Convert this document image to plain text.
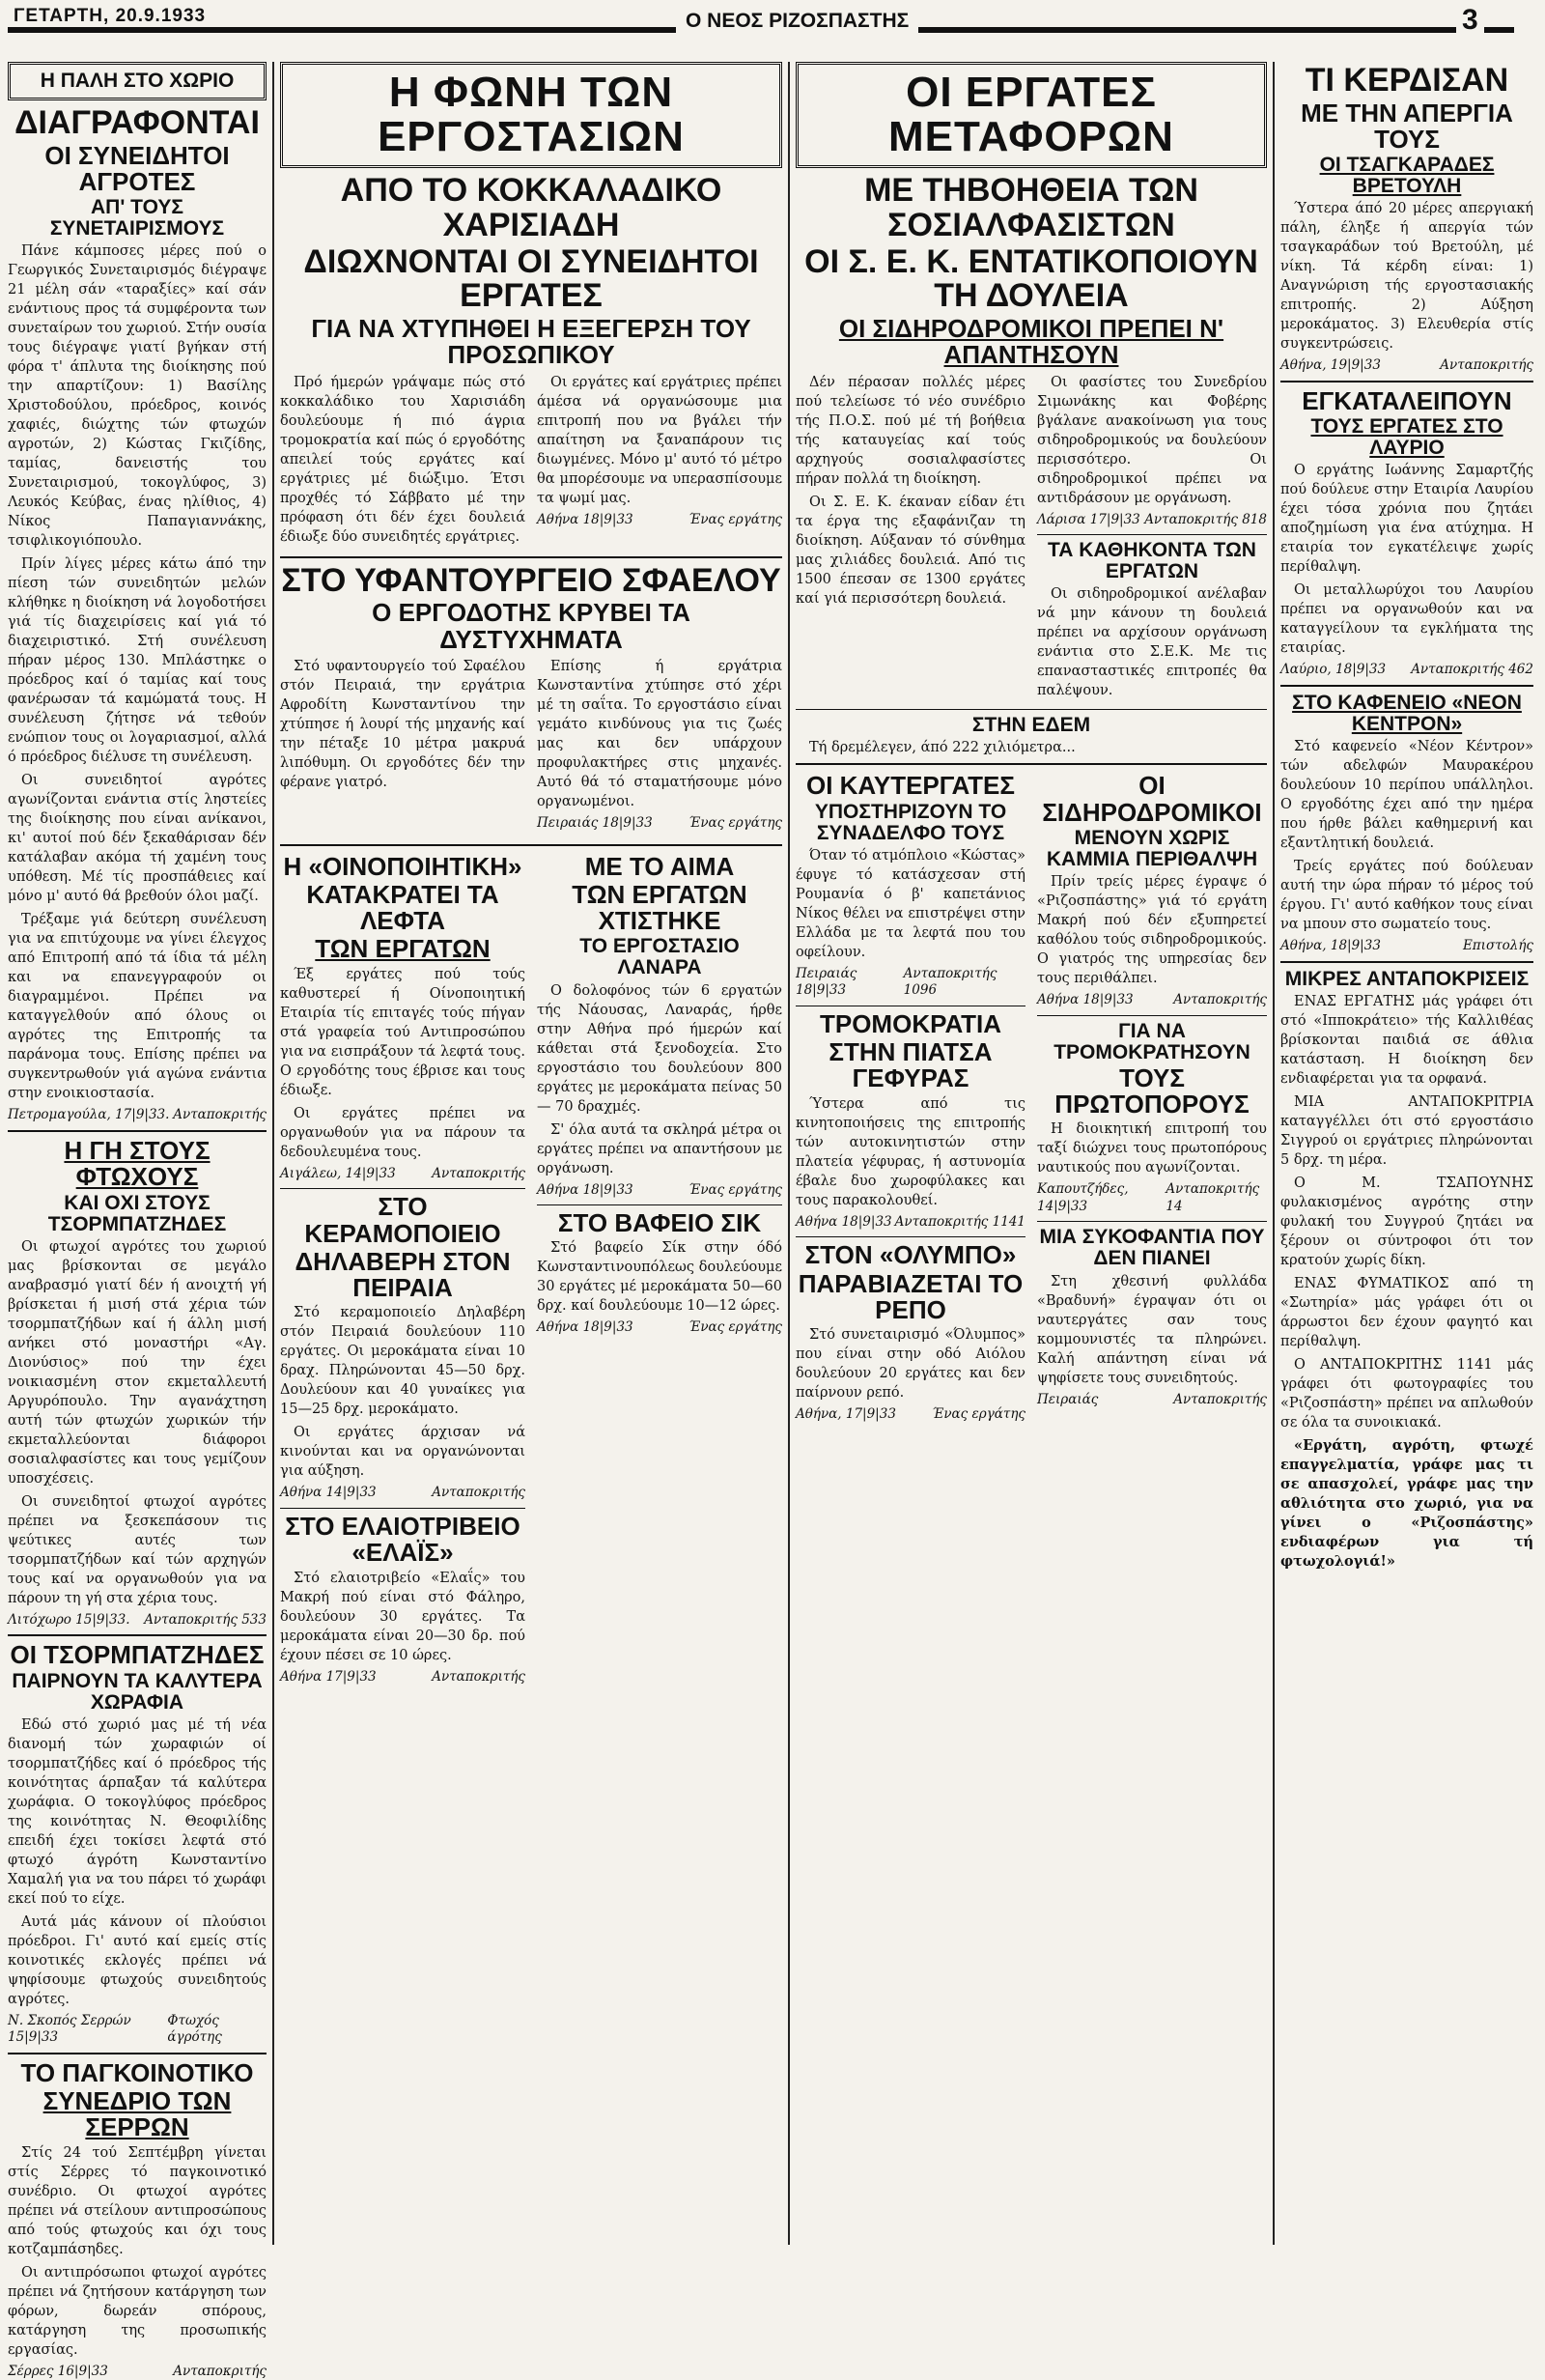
ΓΕΤΑΡΤΗ, 20.9.1933	Ο ΝΕΟΣ ΡΙΖΟΣΠΑΣΤΗΣ	3
Η ΠΑΛΗ ΣΤΟ ΧΩΡΙΟ
ΔΙΑΓΡΑΦΟΝΤΑΙ
ΟΙ ΣΥΝΕΙΔΗΤΟΙ ΑΓΡΟΤΕΣ
ΑΠ' ΤΟΥΣ ΣΥΝΕΤΑΙΡΙΣΜΟΥΣ

Πάνε κάμποσες μέρες πού ο Γεωργικός Συνεταιρισμός διέγραψε 21 μέλη σάν «ταραξίες» καί σάν ενάντιους προς τά συμφέροντα των συνεταίρων του χωριού. Στήν ουσία τους διέγραψε γιατί βγήκαν στή φόρα τ' άπλυτα της διοίκησης πού την απαρτίζουν: 1) Βασίλης Χριστοδούλου, πρόεδρος, κοινός χαφιές, διώχτης τών φτωχών αγροτών, 2) Κώστας Γκιζίδης, ταμίας, δανειστής του Συνεταιρισμού, τοκογλύφος, 3) Λευκός Κεύβας, ένας ηλίθιος, 4) Νίκος Παπαγιαννάκης, τσιφλικογιόπουλο.

Πρίν λίγες μέρες κάτω άπό την πίεση τών συνειδητών μελών κλήθηκε η διοίκηση νά λογοδοτήσει γιά τίς διαχειρίσεις καί γιά τό διαχειριστικό. Στή συνέλευση πήραν μέρος 130. Μπλάστηκε ο πρόεδρος καί ό ταμίας καί τους φανέρωσαν τά καμώματά τους. Η συνέλευση ζήτησε νά τεθούν ενώπιον τους οι λογαριασμοί, αλλά ό πρόεδρος διέλυσε τη συνέλευση.

Οι συνειδητοί αγρότες αγωνίζονται ενάντια στίς ληστείες της διοίκησης που είναι ανίκανοι, κι' αυτοί πού δέν ξεκαθάρισαν δέν κατάλαβαν ακόμα τή χαμένη τους υπόθεση. Μέ τίς προσπάθειες καί μόνο μ' αυτό θά βρεθούν όλοι μαζί.

Τρέξαμε γιά δεύτερη συνέλευση για να επιτύχουμε να γίνει έλεγχος από Επιτροπή από τά ίδια τά μέλη και να επανεγγραφούν οι διαγραμμένοι. Πρέπει να καταγγελθούν από όλους οι αγρότες της Επιτροπής τα παράνομα τους. Επίσης πρέπει να συγκεντρωθούν γιά αγώνα ενάντια στην ενοικιοστασία.

Πετρομαγούλα, 17|9|33. Ανταποκριτής
Η ΓΗ ΣΤΟΥΣ ΦΤΩΧΟΥΣ
ΚΑΙ ΟΧΙ ΣΤΟΥΣ ΤΣΟΡΜΠΑΤΖΗΔΕΣ

Οι φτωχοί αγρότες του χωριού μας βρίσκονται σε μεγάλο αναβρασμό γιατί δέν ή ανοιχτή γή βρίσκεται ή μισή στά χέρια τών τσορμπατζήδων καί ή άλλη μισή ανήκει στό μοναστήρι «Αγ. Διονύσιος» πού την έχει νοικιασμένη στον εκμεταλλευτή Αργυρόπουλο. Την αγανάχτηση αυτή τών φτωχών χωρικών τήν εκμεταλλεύονται διάφοροι σοσιαλφασίστες και τους γεμίζουν υποσχέσεις.

Οι συνειδητοί φτωχοί αγρότες πρέπει να ξεσκεπάσουν τις ψεύτικες αυτές των τσορμπατζήδων καί τών αρχηγών τους καί να οργανωθούν για να πάρουν τη γή στα χέρια τους.

Λιτόχωρο 15|9|33. Ανταποκριτής 533
ΟΙ ΤΣΟΡΜΠΑΤΖΗΔΕΣ
ΠΑΙΡΝΟΥΝ ΤΑ ΚΑΛΥΤΕΡΑ ΧΩΡΑΦΙΑ

Εδώ στό χωριό μας μέ τή νέα διανομή τών χωραφιών οί τσορμπατζήδες καί ό πρόεδρος τής κοινότητας άρπαξαν τά καλύτερα χωράφια. Ο τοκογλύφος πρόεδρος της κοινότητας Ν. Θεοφιλίδης επειδή έχει τοκίσει λεφτά στό φτωχό άγρότη Κωνσταντίνο Χαμαλή για να του πάρει τό χωράφι εκεί πού το είχε.

Αυτά μάς κάνουν οί πλούσιοι πρόεδροι. Γι' αυτό καί εμείς στίς κοινοτικές εκλογές πρέπει νά ψηφίσουμε φτωχούς συνειδητούς αγρότες.

Ν. Σκοπός Σερρών 15|9|33
Φτωχός άγρότης
ΤΟ ΠΑΓΚΟΙΝΟΤΙΚΟ
ΣΥΝΕΔΡΙΟ ΤΩΝ ΣΕΡΡΩΝ

Στίς 24 τού Σεπτέμβρη γίνεται στίς Σέρρες τό παγκοινοτικό συνέδριο. Οι φτωχοί αγρότες πρέπει νά στείλουν αντιπροσώπους από τούς φτωχούς και όχι τους κοτζαμπάσηδες.

Οι αντιπρόσωποι φτωχοί αγρότες πρέπει νά ζητήσουν κατάργηση των φόρων, δωρεάν σπόρους, κατάργηση της προσωπικής εργασίας.

Σέρρες 16|9|33	Ανταποκριτής
Η ΦΩΝΗ ΤΩΝ ΕΡΓΟΣΤΑΣΙΩΝ
ΑΠΟ ΤΟ ΚΟΚΚΑΛΑΔΙΚΟ ΧΑΡΙΣΙΑΔΗ
ΔΙΩΧΝΟΝΤΑΙ ΟΙ ΣΥΝΕΙΔΗΤΟΙ ΕΡΓΑΤΕΣ
ΓΙΑ ΝΑ ΧΤΥΠΗΘΕΙ Η ΕΞΕΓΕΡΣΗ ΤΟΥ ΠΡΟΣΩΠΙΚΟΥ

Πρό ήμερών γράψαμε πώς στό κοκκαλάδικο του Χαρισιάδη δουλεύουμε ή πιό άγρια τρομοκρατία καί πώς ό εργοδότης απειλεί τούς εργάτες καί εργάτριες μέ διώξιμο. Έτσι προχθές τό Σάββατο μέ την πρόφαση ότι δέν έχει δουλειά έδιωξε δύο συνειδητές εργάτριες.

Οι εργάτες καί εργάτριες πρέπει άμέσα νά οργανώσουμε μια επιτροπή που να βγάλει τήν απαίτηση να ξαναπάρουν τις διωγμένες. Μόνο μ' αυτό τό μέτρο θα μπορέσουμε να υπερασπίσουμε τα ψωμί μας.

Αθήνα 18|9|33	Ένας εργάτης
ΣΤΟ ΥΦΑΝΤΟΥΡΓΕΙΟ ΣΦΑΕΛΟΥ
Ο ΕΡΓΟΔΟΤΗΣ ΚΡΥΒΕΙ ΤΑ ΔΥΣΤΥΧΗΜΑΤΑ

Στό υφαντουργείο τού Σφαέλου στόν Πειραιά, την εργάτρια Αφροδίτη Κωνσταντίνου την χτύπησε ή λουρί τής μηχανής καί την πέταξε 10 μέτρα μακρυά λιπόθυμη. Οι εργοδότες δέν την φέρανε γιατρό.

Επίσης ή εργάτρια Κωνσταντίνα χτύπησε στό χέρι μέ τη σαΐτα. Το εργοστάσιο είναι γεμάτο κινδύνους για τις ζωές μας και δεν υπάρχουν προφυλακτήρες στις μηχανές. Αυτό θά τό σταματήσουμε μόνο οργανωμένοι.

Πειραιάς 18|9|33	Ένας εργάτης
Η «ΟΙΝΟΠΟΙΗΤΙΚΗ»
ΚΑΤΑΚΡΑΤΕΙ ΤΑ ΛΕΦΤΑ
ΤΩΝ ΕΡΓΑΤΩΝ

Έξ εργάτες πού τούς καθυστερεί ή Οίνοποιητική Εταιρία τίς επιταγές τούς πήγαν στά γραφεία τού Αντιπροσώπου για να εισπράξουν τά λεφτά τους. Ο εργοδότης τους έβρισε και τους έδιωξε.

Οι εργάτες πρέπει να οργανωθούν για να πάρουν τα δεδουλευμένα τους.

Αιγάλεω, 14|9|33	Ανταποκριτής
ΣΤΟ ΚΕΡΑΜΟΠΟΙΕΙΟ
ΔΗΛΑΒΕΡΗ ΣΤΟΝ ΠΕΙΡΑΙΑ

Στό κεραμοποιείο Δηλαβέρη στόν Πειραιά δουλεύουν 110 εργάτες. Οι μεροκάματα είναι 10 δραχ. Πληρώνονται 45—50 δρχ. Δουλεύουν και 40 γυναίκες για 15—25 δρχ. μεροκάματο.

Οι εργάτες άρχισαν νά κινούνται και να οργανώνονται για αύξηση.

Αθήνα 14|9|33	Ανταποκριτής
ΣΤΟ ΕΛΑΙΟΤΡΙΒΕΙΟ «ΕΛΑΪΣ»

Στό ελαιοτριβείο «Ελαΐς» του Μακρή πού είναι στό Φάληρο, δουλεύουν 30 εργάτες. Τα μεροκάματα είναι 20—30 δρ. πού έχουν πέσει σε 10 ώρες.

Αθήνα 17|9|33	Ανταποκριτής
ΜΕ ΤΟ ΑΙΜΑ
ΤΩΝ ΕΡΓΑΤΩΝ ΧΤΙΣΤΗΚΕ
ΤΟ ΕΡΓΟΣΤΑΣΙΟ ΛΑΝΑΡΑ

Ο δολοφόνος τών 6 εργατών τής Νάουσας, Λαναράς, ήρθε στην Αθήνα πρό ήμερών καί κάθεται στά ξενοδοχεία. Στο εργοστάσιο του δουλεύουν 800 εργάτες με μεροκάματα πείνας 50 — 70 δραχμές.

Σ' όλα αυτά τα σκληρά μέτρα οι εργάτες πρέπει να απαντήσουν με οργάνωση.

Αθήνα 18|9|33	Ένας εργάτης
ΣΤΟ ΒΑΦΕΙΟ ΣΙΚ

Στό βαφείο Σίκ στην όδό Κωνσταντινουπόλεως δουλεύουμε 30 εργάτες μέ μεροκάματα 50—60 δρχ. καί δουλεύουμε 10—12 ώρες.

Αθήνα 18|9|33	Ένας εργάτης
ΟΙ ΕΡΓΑΤΕΣ ΜΕΤΑΦΟΡΩΝ
ΜΕ ΤΗΒΟΗΘΕΙΑ ΤΩΝ ΣΟΣΙΑΛΦΑΣΙΣΤΩΝ
ΟΙ Σ. Ε. Κ. ΕΝΤΑΤΙΚΟΠΟΙΟΥΝ ΤΗ ΔΟΥΛΕΙΑ
ΟΙ ΣΙΔΗΡΟΔΡΟΜΙΚΟΙ ΠΡΕΠΕΙ Ν' ΑΠΑΝΤΗΣΟΥΝ

Δέν πέρασαν πολλές μέρες πού τελείωσε τό νέο συνέδριο τής Π.Ο.Σ. πού μέ τή βοήθεια τής καταυγείας καί τούς αρχηγούς σοσιαλφασίστες πήραν πολλά τη διοίκηση.

Οι Σ. Ε. Κ. έκαναν είδαν έτι τα έργα της εξαφάνιζαν τη διοίκηση. Αύξαναν τό σύνθημα μας χιλιάδες δουλειά. Από τις 1500 έπεσαν σε 1300 εργάτες καί γιά περισσότερη δουλειά.

Οι φασίστες του Συνεδρίου Σιμωνάκης και Φοβέρης βγάλανε ανακοίνωση για τους σιδηροδρομικούς να δουλεύουν περισσότερο. Οι σιδηροδρομικοί πρέπει να αντιδράσουν με οργάνωση.

Λάρισα 17|9|33 Ανταποκριτής 818
ΤΑ ΚΑΘΗΚΟΝΤΑ ΤΩΝ ΕΡΓΑΤΩΝ

Οι σιδηροδρομικοί ανέλαβαν νά μην κάνουν τη δουλειά πρέπει να αρχίσουν οργάνωση ενάντια στο Σ.Ε.Κ. Με τις επανασταστικές επιτροπές θα παλέψουν.

ΣΤΗΝ ΕΔΕΜ

Τή δρεμέλεγεν, άπό 222 χιλιόμετρα...

ΟΙ ΚΑΥΤΕΡΓΑΤΕΣ
ΥΠΟΣΤΗΡΙΖΟΥΝ ΤΟ ΣΥΝΑΔΕΛΦΟ ΤΟΥΣ

Όταν τό ατμόπλοιο «Κώστας» έφυγε τό κατάσχεσαν στή Ρουμανία ό β' καπετάνιος Νίκος θέλει να επιστρέψει στην Ελλάδα με τα λεφτά που του οφείλουν.

Πειραιάς 18|9|33
Ανταποκριτής 1096
ΤΡΟΜΟΚΡΑΤΙΑ
ΣΤΗΝ ΠΙΑΤΣΑ ΓΕΦΥΡΑΣ

Ύστερα από τις κινητοποιήσεις της επιτροπής τών αυτοκινητιστών στην πλατεία γέφυρας, ή αστυνομία έβαλε δυο χωροφύλακες και τους παρακολουθεί.

Αθήνα 18|9|33 Ανταποκριτής 1141
ΣΤΟΝ «ΟΛΥΜΠΟ»
ΠΑΡΑΒΙΑΖΕΤΑΙ ΤΟ ΡΕΠΟ

Στό συνεταιρισμό «Όλυμπος» που είναι στην οδό Αιόλου δουλεύουν 20 εργάτες και δεν παίρνουν ρεπό.

Αθήνα, 17|9|33	Ένας εργάτης
ΟΙ ΣΙΔΗΡΟΔΡΟΜΙΚΟΙ
ΜΕΝΟΥΝ ΧΩΡΙΣ ΚΑΜΜΙΑ ΠΕΡΙΘΑΛΨΗ

Πρίν τρείς μέρες έγραψε ό «Ριζοσπάστης» γιά τό εργάτη Μακρή πού δέν εξυπηρετεί καθόλου τούς σιδηροδρομικούς. Ο γιατρός της υπηρεσίας δεν τους περιθάλπει.

Αθήνα 18|9|33	Ανταποκριτής
ΓΙΑ ΝΑ ΤΡΟΜΟΚΡΑΤΗΣΟΥΝ
ΤΟΥΣ ΠΡΩΤΟΠΟΡΟΥΣ

Η διοικητική επιτροπή του ταξί διώχνει τους πρωτοπόρους ναυτικούς που αγωνίζονται.

Καπουτζήδες, 14|9|33
Ανταποκριτής 14
ΜΙΑ ΣΥΚΟΦΑΝΤΙΑ ΠΟΥ ΔΕΝ ΠΙΑΝΕΙ

Στη χθεσινή φυλλάδα «Βραδυνή» έγραψαν ότι οι ναυτεργάτες σαν τους κομμουνιστές τα πληρώνει. Καλή απάντηση είναι νά ψηφίσετε τους συνειδητούς.

Πειραιάς	Ανταποκριτής
ΤΙ ΚΕΡΔΙΣΑΝ
ΜΕ ΤΗΝ ΑΠΕΡΓΙΑ ΤΟΥΣ
ΟΙ ΤΣΑΓΚΑΡΑΔΕΣ ΒΡΕΤΟΥΛΗ

Ύστερα άπό 20 μέρες απεργιακή πάλη, έληξε ή απεργία τών τσαγκαράδων τού Βρετούλη, μέ νίκη. Τά κέρδη είναι: 1) Αναγνώριση τής εργοστασιακής επιτροπής. 2) Αύξηση μεροκάματος. 3) Ελευθερία στίς συγκεντρώσεις.

Αθήνα, 19|9|33	Ανταποκριτής
ΕΓΚΑΤΑΛΕΙΠΟΥΝ
ΤΟΥΣ ΕΡΓΑΤΕΣ ΣΤΟ ΛΑΥΡΙΟ

Ο εργάτης Ιωάννης Σαμαρτζής πού δούλευε στην Εταιρία Λαυρίου έχει τόσα χρόνια που ζητάει αποζημίωση για ένα ατύχημα. Η εταιρία τον εγκατέλειψε χωρίς περίθαλψη.

Οι μεταλλωρύχοι του Λαυρίου πρέπει να οργανωθούν και να καταγγείλουν τα εγκλήματα της εταιρίας.

Λαύριο, 18|9|33 Ανταποκριτής 462
ΣΤΟ ΚΑΦΕΝΕΙΟ «ΝΕΟΝ ΚΕΝΤΡΟΝ»

Στό καφενείο «Νέον Κέντρον» τών αδελφών Μαυρακέρου δουλεύουν 10 περίπου υπάλληλοι. Ο εργοδότης έχει από την ημέρα που ήρθε βάλει καθημερινή και εξαντλητική δουλειά.

Τρείς εργάτες πού δούλευαν αυτή την ώρα πήραν τό μέρος τού έργου. Γι' αυτό καθήκον τους είναι να μπουν στο σωματείο τους.

Αθήνα, 18|9|33	Επιστολής
ΜΙΚΡΕΣ ΑΝΤΑΠΟΚΡΙΣΕΙΣ

ΕΝΑΣ ΕΡΓΑΤΗΣ μάς γράφει ότι στό «Ιπποκράτειο» τής Καλλιθέας βρίσκονται παιδιά σε άθλια κατάσταση. Η διοίκηση δεν ενδιαφέρεται για τα ορφανά.

ΜΙΑ ΑΝΤΑΠΟΚΡΙΤΡΙΑ καταγγέλλει ότι στό εργοστάσιο Σιγγρού οι εργάτριες πληρώνονται 5 δρχ. τη μέρα.

Ο Μ. ΤΣΑΠΟΥΝΗΣ φυλακισμένος αγρότης στην φυλακή του Συγγρού ζητάει να ξέρουν οι σύντροφοι ότι τον κρατούν χωρίς δίκη.

ΕΝΑΣ ΦΥΜΑΤΙΚΟΣ από τη «Σωτηρία» μάς γράφει ότι οι άρρωστοι δεν έχουν φαγητό και περίθαλψη.

Ο ΑΝΤΑΠΟΚΡΙΤΗΣ 1141 μάς γράφει ότι φωτογραφίες του «Ριζοσπάστη» πρέπει να απλωθούν σε όλα τα συνοικιακά.

«Εργάτη, αγρότη, φτωχέ επαγγελματία, γράφε μας τι σε απασχολεί, γράφε μας την αθλιότητα στο χωριό, για να γίνει ο «Ριζοσπάστης» ενδιαφέρων για τή φτωχολογιά!»
